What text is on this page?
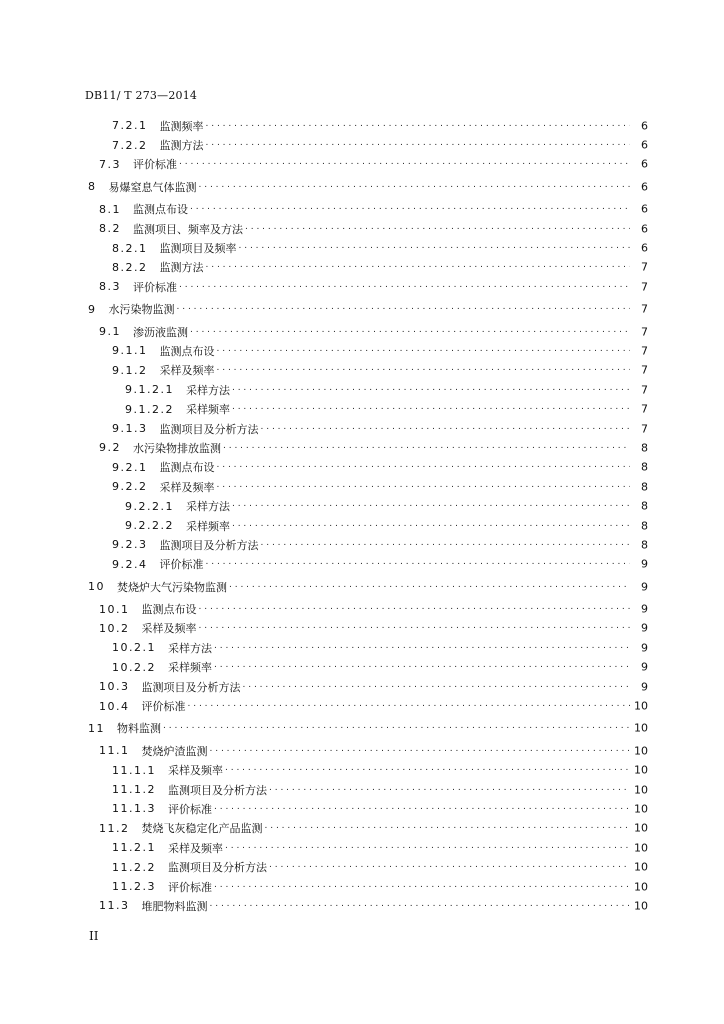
DB11/ T 273—2014
7.2.1 监测频率 . . .	6
7.2.2 监测方法 . . .	6
7.3 评价标准 . . .	6
8 易爆窒息气体监测 . . .	6
8.1 监测点布设 . . .	6
8.2 监测项目、频率及方法 . . .	6
8.2.1 监测项目及频率 . . .	6
8.2.2 监测方法 . . .	7
8.3 评价标准 . . .	7
9 水污染物监测 . . .	7
9.1 渗沥液监测 . . .	7
9.1.1 监测点布设 . . .	7
9.1.2 采样及频率 . . .	7
9.1.2.1 采样方法 . . .	7
9.1.2.2 采样频率 . . .	7
9.1.3 监测项目及分析方法 . . .	7
9.2 水污染物排放监测 . . .	8
9.2.1 监测点布设 . . .	8
9.2.2 采样及频率 . . .	8
9.2.2.1 采样方法 . . .	8
9.2.2.2 采样频率 . . .	8
9.2.3 监测项目及分析方法 . . .	8
9.2.4 评价标准 . . .	9
10 焚烧炉大气污染物监测 . . .	9
10.1 监测点布设 . . .	9
10.2 采样及频率 . . .	9
10.2.1 采样方法 . . .	9
10.2.2 采样频率 . . .	9
10.3 监测项目及分析方法 . . .	9
10.4 评价标准 . . .	10
11 物料监测 . . .	10
11.1 焚烧炉渣监测 . . .	10
11.1.1 采样及频率 . . .	10
11.1.2 监测项目及分析方法 . . .	10
11.1.3 评价标准 . . .	10
11.2 焚烧飞灰稳定化产品监测 . . .	10
11.2.1 采样及频率 . . .	10
11.2.2 监测项目及分析方法 . . .	10
11.2.3 评价标准 . . .	10
11.3 堆肥物料监测 . . .	10
II
